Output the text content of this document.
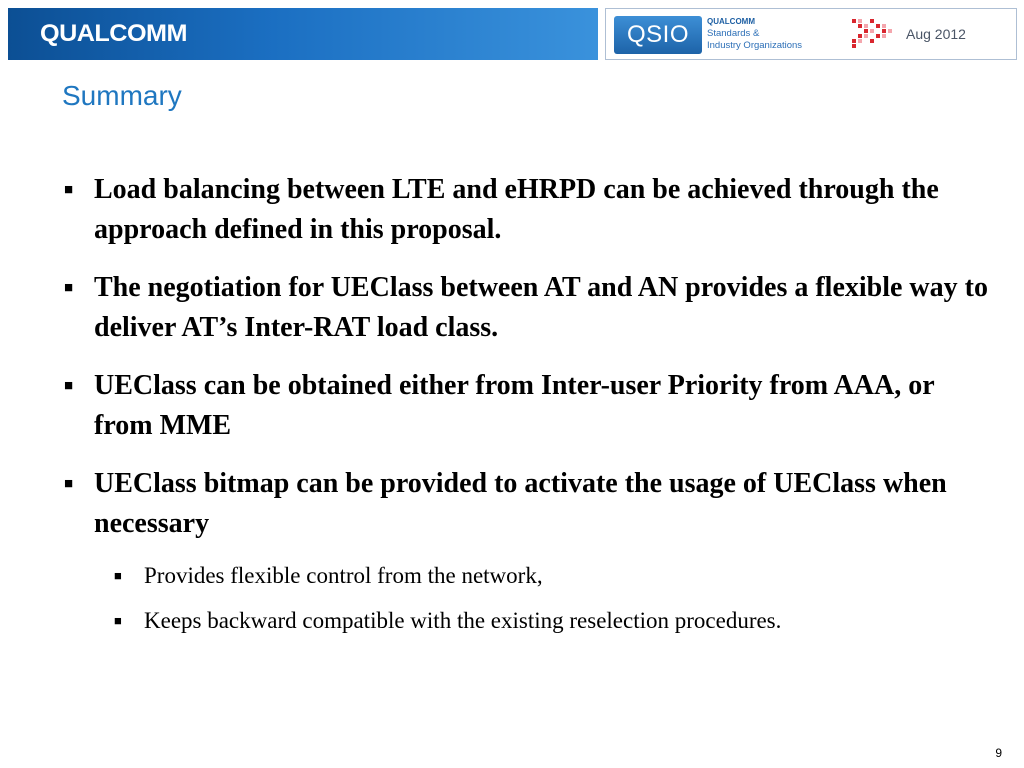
QUALCOMM	QSIO	QUALCOMM
Standards &
Industry Organizations
Aug 2012
Summary
■ Load balancing between LTE and eHRPD can be achieved through the approach defined in this proposal.
■ The negotiation for UEClass between AT and AN provides a flexible way to deliver AT’s Inter-RAT load class.
■ UEClass can be obtained either from Inter-user Priority from AAA, or from MME
■ UEClass bitmap can be provided to activate the usage of UEClass when necessary
■ Provides flexible control from the network,
■ Keeps backward compatible with the existing reselection procedures.
9
